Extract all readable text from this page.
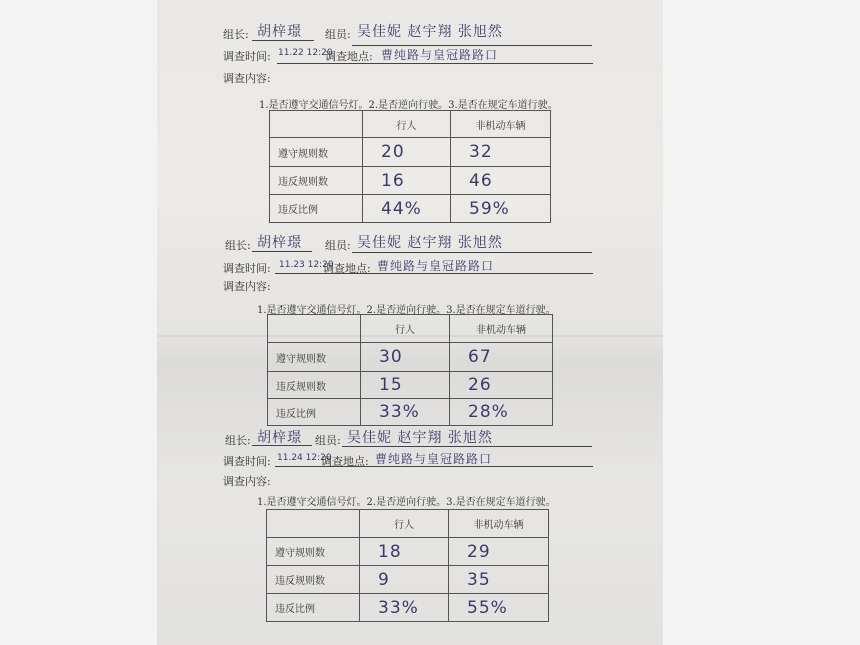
组长: 胡梓璟 组员: 吴佳妮 赵宇翔 张旭然
调查时间: 11.22 12:20
调查地点: 曹纯路与皇冠路路口
调查内容:
1.是否遵守交通信号灯。2.是否逆向行驶。3.是否在规定车道行驶。
	行人	非机动车辆
遵守规则数	20	32
违反规则数	16	46
违反比例	44%	59%
组长: 胡梓璟 组员: 吴佳妮 赵宇翔 张旭然
调查时间: 11.23 12:20
调查地点: 曹纯路与皇冠路路口
调查内容:
1.是否遵守交通信号灯。2.是否逆向行驶。3.是否在规定车道行驶。
	行人	非机动车辆
遵守规则数	30	67
违反规则数	15	26
违反比例	33%	28%
组长: 胡梓璟 组员: 吴佳妮 赵宇翔 张旭然
调查时间: 11.24 12:20
调查地点: 曹纯路与皇冠路路口
调查内容:
1.是否遵守交通信号灯。2.是否逆向行驶。3.是否在规定车道行驶。
	行人	非机动车辆
遵守规则数	18	29
违反规则数	9	35
违反比例	33%	55%
